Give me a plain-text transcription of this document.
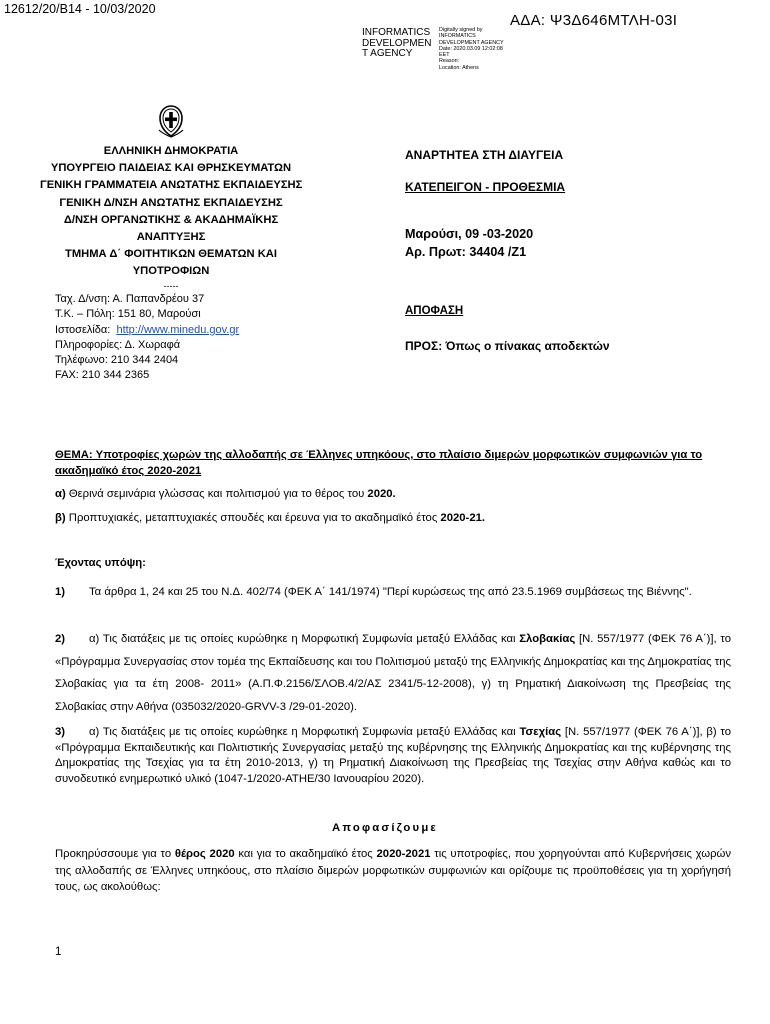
12612/20/B14 - 10/03/2020
ΑΔΑ: Ψ3Δ646ΜΤΛΗ-03Ι
INFORMATICS DEVELOPMEN T AGENCY
Digitally signed by
INFORMATICS
DEVELOPMENT AGENCY
Date: 2020.03.09 12:02:08
EET
Reason:
Location: Athens
ΕΛΛΗΝΙΚΗ ΔΗΜΟΚΡΑΤΙΑ
ΥΠΟΥΡΓΕΙΟ ΠΑΙΔΕΙΑΣ ΚΑΙ ΘΡΗΣΚΕΥΜΑΤΩΝ
ΓΕΝΙΚΗ ΓΡΑΜΜΑΤΕΙΑ ΑΝΩΤΑΤΗΣ ΕΚΠΑΙΔΕΥΣΗΣ
ΓΕΝΙΚΗ Δ/ΝΣΗ ΑΝΩΤΑΤΗΣ ΕΚΠΑΙΔΕΥΣΗΣ
Δ/ΝΣΗ ΟΡΓΑΝΩΤΙΚΗΣ & ΑΚΑΔΗΜΑΪΚΗΣ
ΑΝΑΠΤΥΞΗΣ
ΤΜΗΜΑ Δ΄ ΦΟΙΤΗΤΙΚΩΝ ΘΕΜΑΤΩΝ ΚΑΙ
ΥΠΟΤΡΟΦΙΩΝ
-----
Ταχ. Δ/νση: Α. Παπανδρέου 37
Τ.Κ. – Πόλη: 151 80, Μαρούσι
Ιστοσελίδα: http://www.minedu.gov.gr
Πληροφορίες: Δ. Χωραφά
Τηλέφωνο: 210 344 2404
FAX: 210 344 2365
ΑΝΑΡΤΗΤΕΑ ΣΤΗ ΔΙΑΥΓΕΙΑ
ΚΑΤΕΠΕΙΓΟΝ - ΠΡΟΘΕΣΜΙΑ
Μαρούσι, 09 -03-2020
Αρ. Πρωτ: 34404 /Ζ1
ΑΠΟΦΑΣΗ
ΠΡΟΣ: Όπως ο πίνακας αποδεκτών
ΘΕΜΑ: Υποτροφίες χωρών της αλλοδαπής σε Έλληνες υπηκόους, στο πλαίσιο διμερών μορφωτικών συμφωνιών για το ακαδημαϊκό έτος 2020-2021
α) Θερινά σεμινάρια γλώσσας και πολιτισμού για το θέρος του 2020.
β) Προπτυχιακές, μεταπτυχιακές σπουδές και έρευνα για το ακαδημαϊκό έτος 2020-21.
Έχοντας υπόψη:
1) Τα άρθρα 1, 24 και 25 του Ν.Δ. 402/74 (ΦΕΚ Α΄ 141/1974) "Περί κυρώσεως της από 23.5.1969 συμβάσεως της Βιέννης".
2) α) Τις διατάξεις με τις οποίες κυρώθηκε η Μορφωτική Συμφωνία μεταξύ Ελλάδας και Σλοβακίας [Ν. 557/1977 (ΦΕΚ 76 Α΄)], το «Πρόγραμμα Συνεργασίας στον τομέα της Εκπαίδευσης και του Πολιτισμού μεταξύ της Ελληνικής Δημοκρατίας και της Δημοκρατίας της Σλοβακίας για τα έτη 2008- 2011» (Α.Π.Φ.2156/ΣΛΟΒ.4/2/ΑΣ 2341/5-12-2008), γ) τη Ρηματική Διακοίνωση της Πρεσβείας της Σλοβακίας στην Αθήνα (035032/2020-GRVV-3 /29-01-2020).
3) α) Τις διατάξεις με τις οποίες κυρώθηκε η Μορφωτική Συμφωνία μεταξύ Ελλάδας και Τσεχίας [Ν. 557/1977 (ΦΕΚ 76 Α΄)], β) το «Πρόγραμμα Εκπαιδευτικής και Πολιτιστικής Συνεργασίας μεταξύ της κυβέρνησης της Ελληνικής Δημοκρατίας και της κυβέρνησης της Δημοκρατίας της Τσεχίας για τα έτη 2010-2013, γ) τη Ρηματική Διακοίνωση της Πρεσβείας της Τσεχίας στην Αθήνα καθώς και το συνοδευτικό ενημερωτικό υλικό (1047-1/2020-ATHE/30 Ιανουαρίου 2020).
Αποφασίζουμε
Προκηρύσσουμε για το θέρος 2020 και για το ακαδημαϊκό έτος 2020-2021 τις υποτροφίες, που χορηγούνται από Κυβερνήσεις χωρών της αλλοδαπής σε Έλληνες υπηκόους, στο πλαίσιο διμερών μορφωτικών συμφωνιών και ορίζουμε τις προϋποθέσεις για τη χορήγησή τους, ως ακολούθως:
1
